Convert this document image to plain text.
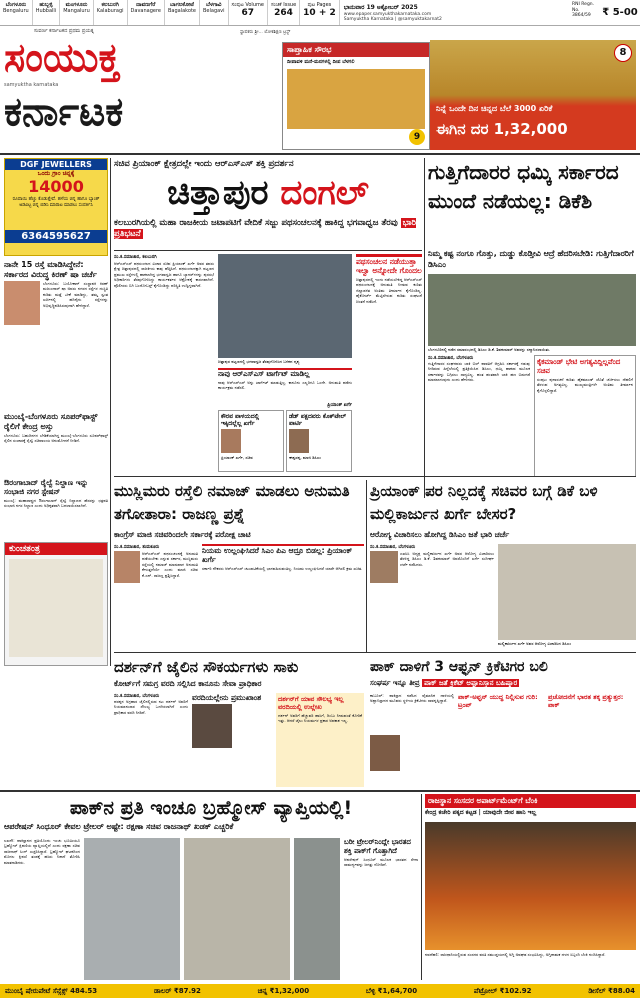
ಬೆಂಗಳೂರು
Bengaluru
ಹುಬ್ಬಳ್ಳಿ
Hubballi
ಮಂಗಳೂರು
Mangaluru
ಕಲಬುರಗಿ
Kalaburagi
ದಾವಣಗೆರೆ
Davanagere
ಬಾಗಲಕೋಟೆ
Bagalakote
ಬೆಳಗಾವಿ
Belagavi
ಸಂಪುಟ Volume
67
ಸಂಚಿಕೆ Issue
264
ಪುಟ Pages
10 + 2
ಭಾನುವಾರ 19 ಅಕ್ಟೋಬರ್ 2025
www.epaper.samyukthakarnataka.com
Samyuktha Karnataka | @samyuktakarnat2
RNI Regn. No. 3864/59	₹ 5-00
ಸುವರ್ಣ ಕರ್ನಾಟಕದ ಪ್ರಥಮ ಪ್ರಯತ್ನ
ಸಂಯುಕ್ತ
samyuktha karnataka
ಕರ್ನಾಟಕ
ಸ್ಥಾಪಕರು ಶ್ರೀ... ಲೋಕಶಿಕ್ಷಣ ಟ್ರಸ್ಟ್
ಸಾಪ್ತಾಹಿಕ ಸೌರಭ
ದೀಪಾವಳಿ ಮನೆ-ಮನಗಳಲ್ಲಿ ದೀಪ ಬೆಳಗಲಿ
9
8
ನಿನ್ನೆ ಒಂದೇ ದಿನ ಚಿನ್ನದ ಬೆಲೆ 3000 ಏರಿಕೆ
ಈಗಿನ ದರ 1,32,000
DGF JEWELLERS
ಒಂದು ಗ್ರಾಂ ಚಿನ್ನಕ್ಕೆ
14000
ರೂಪಾಯಿ ಹೆಚ್ಚು ಕೊಡುತ್ತೇವೆ. ಹಳೆಯ ಚಿನ್ನ ಹಾಗೂ ಬ್ಯಾಂಕ್ ಅಡವಿಟ್ಟ ಚಿನ್ನ ಬಿಡಿಸಿ ಮಾರಾಟ ಮಾಡಲು ಸಂಪರ್ಕಿಸಿ
6364595627
ನಾನೇ 15 ರಸ್ತೆ ಮಾಡಿಸಿದ್ದೇನೆ: ಸರ್ಕಾರದ ವಿರುದ್ಧ ಕಿರಣ್ ಷಾ ಚರ್ಚೆ
ಬೆಂಗಳೂರು: ಬಯೋಕಾನ್ ಸಂಸ್ಥಾಪಕಿ ಕಿರಣ್ ಮಜುಂದಾರ್ ಷಾ ಅವರು ನಗರದ ರಸ್ತೆಗಳ ದುಸ್ಥಿತಿ ಕುರಿತು ಮತ್ತೆ ಟೀಕೆ ಮಾಡಿದ್ದು, ತಮ್ಮ ಸ್ವಂತ ಖರ್ಚಿನಲ್ಲಿ ಹದಿನೈದು ರಸ್ತೆಗಳನ್ನು ಅಭಿವೃದ್ಧಿಪಡಿಸಿರುವುದಾಗಿ ಹೇಳಿದ್ದಾರೆ.
ಮುಂಬೈ-ಬೆಂಗಳೂರು ಸೂಪರ್‌ಫಾಸ್ಟ್ ರೈಲಿಗೆ ಕೇಂದ್ರ ಅಸ್ತು
ಬೆಂಗಳೂರು: ಬಹುದಿನಗಳ ಬೇಡಿಕೆಯಾಗಿದ್ದ ಮುಂಬೈ-ಬೆಂಗಳೂರು ಸೂಪರ್‌ಫಾಸ್ಟ್ ರೈಲಿನ ಸಂಚಾರಕ್ಕೆ ರೈಲ್ವೆ ಸಚಿವಾಲಯ ಅನುಮೋದನೆ ನೀಡಿದೆ.
ಔರಂಗಾಬಾದ್ ರೈಲ್ವೆ ನಿಲ್ದಾಣ ಇನ್ನು ಸಂಭಾಜಿ ನಗರ ಸ್ಟೇಷನ್
ಮುಂಬೈ: ಮಹಾರಾಷ್ಟ್ರದ ಔರಂಗಾಬಾದ್ ರೈಲ್ವೆ ನಿಲ್ದಾಣದ ಹೆಸರನ್ನು ಛತ್ರಪತಿ ಸಂಭಾಜಿ ನಗರ ನಿಲ್ದಾಣ ಎಂದು ಅಧಿಕೃತವಾಗಿ ಬದಲಾಯಿಸಲಾಗಿದೆ.
ಕುಂಚತಂತ್ರ
ಸಚಿವ ಪ್ರಿಯಾಂಕ್ ಕ್ಷೇತ್ರದಲ್ಲೇ ಇಂದು ಆರ್‌ಎಸ್‌ಎಸ್ ಶಕ್ತಿ ಪ್ರದರ್ಶನ
ಚಿತ್ತಾಪುರ ದಂಗಲ್
ಕಲಬುರಗಿಯಲ್ಲಿ ಮಹಾ ರಾಜಕೀಯ ಜಟಾಪಟಿಗೆ ವೇದಿಕೆ ಸಜ್ಜು ಪಥಸಂಚಲನಕ್ಕೆ ಹಾಕಿದ್ದ ಭಗವಾಧ್ವಜ ತೆರವು ಭಾರಿ ಪ್ರತಿಭಟನೆ
ಸಂ.ಕ.ಸಮಾಚಾರ, ಕಲಬುರಗಿ
ಆರ್‌ಎಸ್‌ಎಸ್ ಪಥಸಂಚಲನ ವಿಚಾರ ಸಚಿವ ಪ್ರಿಯಾಂಕ್ ಖರ್ಗೆ ಅವರ ತವರು ಕ್ಷೇತ್ರ ಚಿತ್ತಾಪುರದಲ್ಲಿ ರಾಜಕೀಯ ಕಾವು ಹೆಚ್ಚಿಸಿದೆ. ಪಥಸಂಚಲನಕ್ಕಾಗಿ ಪಟ್ಟಣದ ಪ್ರಮುಖ ರಸ್ತೆಗಳಲ್ಲಿ ಹಾಕಲಾಗಿದ್ದ ಭಗವಾಧ್ವಜ ಹಾಗೂ ಬ್ಯಾನರ್‌ಗಳನ್ನು ಪುರಸಭೆ ಅಧಿಕಾರಿಗಳು ತೆರವುಗೊಳಿಸಿದ್ದು ಕಾರ್ಯಕರ್ತರ ಆಕ್ರೋಶಕ್ಕೆ ಕಾರಣವಾಗಿದೆ. ಪೊಲೀಸರು ಬಿಗಿ ಬಂದೋಬಸ್ತ್ ಕೈಗೊಂಡಿದ್ದು ಪರಿಸ್ಥಿತಿ ಉದ್ವಿಗ್ನವಾಗಿದೆ.
ಚಿತ್ತಾಪುರ ಪಟ್ಟಣದಲ್ಲಿ ಭಗವಾಧ್ವಜ ತೆರವುಗೊಳಿಸಿದ ಬಳಿಕದ ದೃಶ್ಯ
ನಾವು ಆರ್‌ಎಸ್‌ಎಸ್ ಟಾರ್ಗೆಟ್ ಮಾಡಿಲ್ಲ
ನಾವು ಆರ್‌ಎಸ್‌ಎಸ್ ಅನ್ನು ಟಾರ್ಗೆಟ್ ಮಾಡುತ್ತಿಲ್ಲ. ಕಾನೂನು ಎಲ್ಲರಿಗೂ ಒಂದೇ. ಅನುಮತಿ ಪಡೆದು ಕಾರ್ಯಕ್ರಮ ನಡೆಸಲಿ.
ಪ್ರಿಯಾಂಕ್ ಖರ್ಗೆ
ಕೌರವ ಪಾಳಯದಲ್ಲಿ ಇಕ್ಕಿದಲ್ಲೆಲ್ಲ ಖರ್ಗೆ
ಪ್ರಿಯಾಂಕ್ ಖರ್ಗೆ, ಸಚಿವ
ಡೆಡ್ ಪಕ್ಷದವರು ಕೊಕ್‌ಟೇಲ್ ಪಾರ್ಟಿ
ಈಶ್ವರಪ್ಪ, ಮಾಜಿ ಡಿಸಿಎಂ
ಪಥಸಂಚಲನ ನಡೆಯುತ್ತಾ ಇಲ್ವಾ ಅನ್ನೋದೇ ಗೊಂದಲ
ಚಿತ್ತಾಪುರದಲ್ಲಿ ಇಂದು ನಡೆಯಬೇಕಿದ್ದ ಆರ್‌ಎಸ್‌ಎಸ್ ಪಥಸಂಚಲನಕ್ಕೆ ಅನುಮತಿ ನೀಡುವ ಕುರಿತು ಜಿಲ್ಲಾಡಳಿತ ಅಂತಿಮ ತೀರ್ಮಾನ ಕೈಗೊಂಡಿಲ್ಲ. ಹೈಕೋರ್ಟ್ ಮೆಟ್ಟಿಲೇರುವ ಕುರಿತು ಸಂಘಟನೆ ಚಿಂತನೆ ನಡೆಸಿದೆ.
ಗುತ್ತಿಗೆದಾರರ ಧಮ್ಕಿ ಸರ್ಕಾರದ ಮುಂದೆ ನಡೆಯಲ್ಲ: ಡಿಕೆಶಿ
ನಿಮ್ಮ ಕಷ್ಟ ನಂಗೂ ಗೊತ್ತು, ದುಡ್ಡು ಕೊಡ್ತೀವಿ ಆದ್ರೆ ಹೆದರಿಸಬೇಡಿ: ಗುತ್ತಿಗೆದಾರರಿಗೆ ಡಿಸಿಎಂ
ಬೆಂಗಳೂರಿನಲ್ಲಿ ನಡೆದ ಸಮಾರಂಭದಲ್ಲಿ ಡಿಸಿಎಂ ಡಿ.ಕೆ. ಶಿವಕುಮಾರ್ ಅವರನ್ನು ಸನ್ಮಾನಿಸಲಾಯಿತು.
ಸಂ.ಕ.ಸಮಾಚಾರ, ಬೆಂಗಳೂರು
ಗುತ್ತಿಗೆದಾರರ ಸಂಘದವರು ಬಾಕಿ ಬಿಲ್ ಪಾವತಿಗೆ ಆಗ್ರಹಿಸಿ ಸರ್ಕಾರಕ್ಕೆ ಗಡುವು ನೀಡಿರುವ ಹಿನ್ನೆಲೆಯಲ್ಲಿ ಪ್ರತಿಕ್ರಿಯಿಸಿದ ಡಿಸಿಎಂ, ಧಮ್ಕಿ ಹಾಕುವ ಮೂಲಕ ಸರ್ಕಾರವನ್ನು ಬಗ್ಗಿಸಲು ಸಾಧ್ಯವಿಲ್ಲ. ಹಂತ ಹಂತವಾಗಿ ಬಾಕಿ ಹಣ ಬಿಡುಗಡೆ ಮಾಡಲಾಗುವುದು ಎಂದು ಹೇಳಿದರು.
ಕೈಕಮಾಂಡ್ ಭೇಟಿ ಅಗತ್ಯವಿದ್ದಿಲ್ಲವೆಂದ ಸಚಿವ
ಸಂಪುಟ ಪುನಾರಚನೆ ಕುರಿತು ಹೈಕಮಾಂಡ್ ಜೊತೆ ಚರ್ಚಿಸಲು ದೆಹಲಿಗೆ ತೆರಳುವ ಅಗತ್ಯವಿಲ್ಲ. ಮುಖ್ಯಮಂತ್ರಿಗಳೇ ಅಂತಿಮ ತೀರ್ಮಾನ ಕೈಗೊಳ್ಳಲಿದ್ದಾರೆ.
ಮುಸ್ಲಿಮರು ರಸ್ತೆಲಿ ನಮಾಜ್ ಮಾಡಲು ಅನುಮತಿ ತಗೋತಾರಾ: ರಾಜಣ್ಣ ಪ್ರಶ್ನೆ
ಕಾಂಗ್ರೆಸ್ ಮಾಜಿ ಸಚಿವರಿಂದಲೇ ಸರ್ಕಾರಕ್ಕೆ ಪರೋಕ್ಷ ಚಾಟಿ
ಸಂ.ಕ.ಸಮಾಚಾರ, ತುಮಕೂರು
ಆರ್‌ಎಸ್‌ಎಸ್ ಪಥಸಂಚಲನಕ್ಕೆ ಅನುಮತಿ ಪಡೆಯಬೇಕು ಎನ್ನುವ ಸರ್ಕಾರ, ಮುಸ್ಲಿಮರು ರಸ್ತೆಯಲ್ಲಿ ನಮಾಜ್ ಮಾಡುವಾಗ ಅನುಮತಿ ಕೇಳುತ್ತದೆಯೇ ಎಂದು ಮಾಜಿ ಸಚಿವ ಕೆ.ಎನ್. ರಾಜಣ್ಣ ಪ್ರಶ್ನಿಸಿದ್ದಾರೆ.
ನಿಯಮ ಉಲ್ಲಂಘಿಸಿದರೆ ಸಿಎಂ ಪಿಎ ಆದ್ರೂ ಬಿಡಲ್ಲ: ಪ್ರಿಯಾಂಕ್ ಖರ್ಗೆ
ಸರ್ಕಾರಿ ನೌಕರರು ಆರ್‌ಎಸ್‌ಎಸ್ ಚಟುವಟಿಕೆಯಲ್ಲಿ ಭಾಗವಹಿಸುವಂತಿಲ್ಲ. ನಿಯಮ ಉಲ್ಲಂಘಿಸಿದರೆ ಯಾರೇ ಆಗಿರಲಿ ಕ್ರಮ ಖಚಿತ.
ಪ್ರಿಯಾಂಕ್ ಪರ ನಿಲ್ಲದಕ್ಕೆ ಸಚಿವರ ಬಗ್ಗೆ ಡಿಕೆ ಬಳಿ ಮಲ್ಲಿಕಾರ್ಜುನ ಖರ್ಗೆ ಬೇಸರ?
ಆರೋಗ್ಯ ವಿಚಾರಿಸಲು ಹೋಗಿದ್ದ ಡಿಸಿಎಂ ಜತೆ ಭಾರಿ ಚರ್ಚೆ
ಸಂ.ಕ.ಸಮಾಚಾರ, ಬೆಂಗಳೂರು
ಎಐಸಿಸಿ ಅಧ್ಯಕ್ಷ ಮಲ್ಲಿಕಾರ್ಜುನ ಖರ್ಗೆ ಅವರ ಆರೋಗ್ಯ ವಿಚಾರಿಸಲು ತೆರಳಿದ್ದ ಡಿಸಿಎಂ ಡಿ.ಕೆ. ಶಿವಕುಮಾರ್ ಅವರೊಂದಿಗೆ ಖರ್ಗೆ ಸುದೀರ್ಘ ಚರ್ಚೆ ನಡೆಸಿದರು.
ಮಲ್ಲಿಕಾರ್ಜುನ ಖರ್ಗೆ ಅವರ ಆರೋಗ್ಯ ವಿಚಾರಿಸಿದ ಡಿಸಿಎಂ
ದರ್ಶನ್‌ಗೆ ಜೈಲಿನ ಸೌಕರ್ಯಗಳು ಸಾಕು
ಕೋರ್ಟ್‌ಗೆ ಸಮಗ್ರ ವರದಿ ಸಲ್ಲಿಸಿದ ಕಾನೂನು ಸೇವಾ ಪ್ರಾಧಿಕಾರ
ಸಂ.ಕ.ಸಮಾಚಾರ, ಬೆಂಗಳೂರು
ಪರಪ್ಪನ ಅಗ್ರಹಾರ ಜೈಲಿನಲ್ಲಿರುವ ನಟ ದರ್ಶನ್ ಅವರಿಗೆ ನಿಯಮಾನುಸಾರ ಸೌಲಭ್ಯ ಒದಗಿಸಲಾಗಿದೆ ಎಂದು ಪ್ರಾಧಿಕಾರ ವರದಿ ನೀಡಿದೆ.
ವರದಿಯಲ್ಲೇನು ಪ್ರಮುಖಾಂಶ	ದರ್ಶನ್‌ಗೆ ಯಾವ ಸೌಲಭ್ಯ ಇಲ್ಲ ವರದಿಯಲ್ಲಿ ಉಲ್ಲೇಖ
ದರ್ಶನ್ ಅವರಿಗೆ ಹೆಚ್ಚುವರಿ ಹಾಸಿಗೆ, ದಿಂಬು ನೀಡುವಂತೆ ಕೋರಿಕೆ ಇತ್ತು. ಆದರೆ ಜೈಲು ನಿಯಮಗಳ ಪ್ರಕಾರ ಅವಕಾಶ ಇಲ್ಲ.
ಪಾಕ್ ದಾಳಿಗೆ 3 ಆಫ್ಘನ್ ಕ್ರಿಕೆಟಿಗರ ಬಲಿ
ಸಂಘರ್ಷ ಇನ್ನೂ ತೀವ್ರ ಪಾಕ್ ಜತೆ ಕ್ರಿಕೆಟ್ ಅಫ್ಘಾನಿಸ್ತಾನ ಬಹಿಷ್ಕಾರ
ಕಾಬೂಲ್: ಪಾಕಿಸ್ತಾನ ನಡೆಸಿದ ವೈಮಾನಿಕ ದಾಳಿಯಲ್ಲಿ ಅಫ್ಘಾನಿಸ್ತಾನದ ಮೂವರು ಸ್ಥಳೀಯ ಕ್ರಿಕೆಟಿಗರು ಸಾವನ್ನಪ್ಪಿದ್ದಾರೆ.	ಪಾಕ್-ಅಫ್ಘನ್ ಯುದ್ಧ ನಿಲ್ಲಿಸುವ ಗುರಿ: ಟ್ರಂಪ್
ಪ್ರಚೋದನೆಗೆ ಭಾರತ ತಕ್ಕ ಪ್ರತ್ಯುತ್ತರ: ಪಾಕ್
ಪಾಕ್‌ನ ಪ್ರತಿ ಇಂಚೂ ಬ್ರಹ್ಮೋಸ್ ವ್ಯಾಪ್ತಿಯಲ್ಲಿ!
ಆಪರೇಷನ್ ಸಿಂಧೂರ್ ಕೇವಲ ಟ್ರೇಲರ್ ಅಷ್ಟೇ: ರಕ್ಷಣಾ ಸಚಿವ ರಾಜನಾಥ್ ಖಡಕ್ ಎಚ್ಚರಿಕೆ
ಲಖನೌ: ಪಾಕಿಸ್ತಾನದ ಪ್ರತಿಯೊಂದು ಇಂಚು ಭೂಮಿಯೂ ಬ್ರಹ್ಮೋಸ್ ಕ್ಷಿಪಣಿಯ ವ್ಯಾಪ್ತಿಯಲ್ಲಿದೆ ಎಂದು ರಕ್ಷಣಾ ಸಚಿವ ರಾಜನಾಥ್ ಸಿಂಗ್ ಎಚ್ಚರಿಸಿದ್ದಾರೆ. ಬ್ರಹ್ಮೋಸ್ ಘಟಕದಿಂದ ಮೊದಲ ಕ್ಷಿಪಣಿ ತಂಡಕ್ಕೆ ಹಸಿರು ನಿಶಾನೆ ತೋರಿಸಿ ಮಾತನಾಡಿದರು.
ಬರೀ ಟ್ರೇಲರ್‌ನಿಂದ್ಲೇ ಭಾರತದ ಶಕ್ತಿ ಪಾಕ್‌ಗೆ ಗೊತ್ತಾಗಿದೆ
ಆಪರೇಷನ್ ಸಿಂಧೂರ್ ಮೂಲಕ ಭಾರತದ ಸೇನಾ ಸಾಮರ್ಥ್ಯವನ್ನು ಜಗತ್ತು ನೋಡಿದೆ.
ರಾಜಸ್ಥಾನ ಸಂಸದರ ಅಪಾರ್ಟ್‌ಮೆಂಟ್‌ಗೆ ಬೆಂಕಿ
ಕೇಂದ್ರ ಕಚೇರಿ ಪಕ್ಕದ ಕಟ್ಟಡ | ಯಾವುದೇ ಜೀವ ಹಾನಿ ಇಲ್ಲ
ನವದೆಹಲಿ: ರಾಜಧಾನಿಯಲ್ಲಿರುವ ಸಂಸದರ ವಸತಿ ಸಮುಚ್ಚಯದಲ್ಲಿ ಅಗ್ನಿ ಅವಘಡ ಸಂಭವಿಸಿದ್ದು, ಅಗ್ನಿಶಾಮಕ ದಳದ ಸಿಬ್ಬಂದಿ ಬೆಂಕಿ ನಂದಿಸಿದ್ದಾರೆ.
ಮುಂಬೈ ಷೇರುಪೇಟೆ ಸೆನ್ಸೆಕ್ಸ್
484.53	ಡಾಲರ್
₹87.92	ಚಿನ್ನ
₹1,32,000	ಬೆಳ್ಳಿ
₹1,64,700	ಪೆಟ್ರೋಲ್
₹102.92	ಡೀಸೆಲ್
₹88.04
